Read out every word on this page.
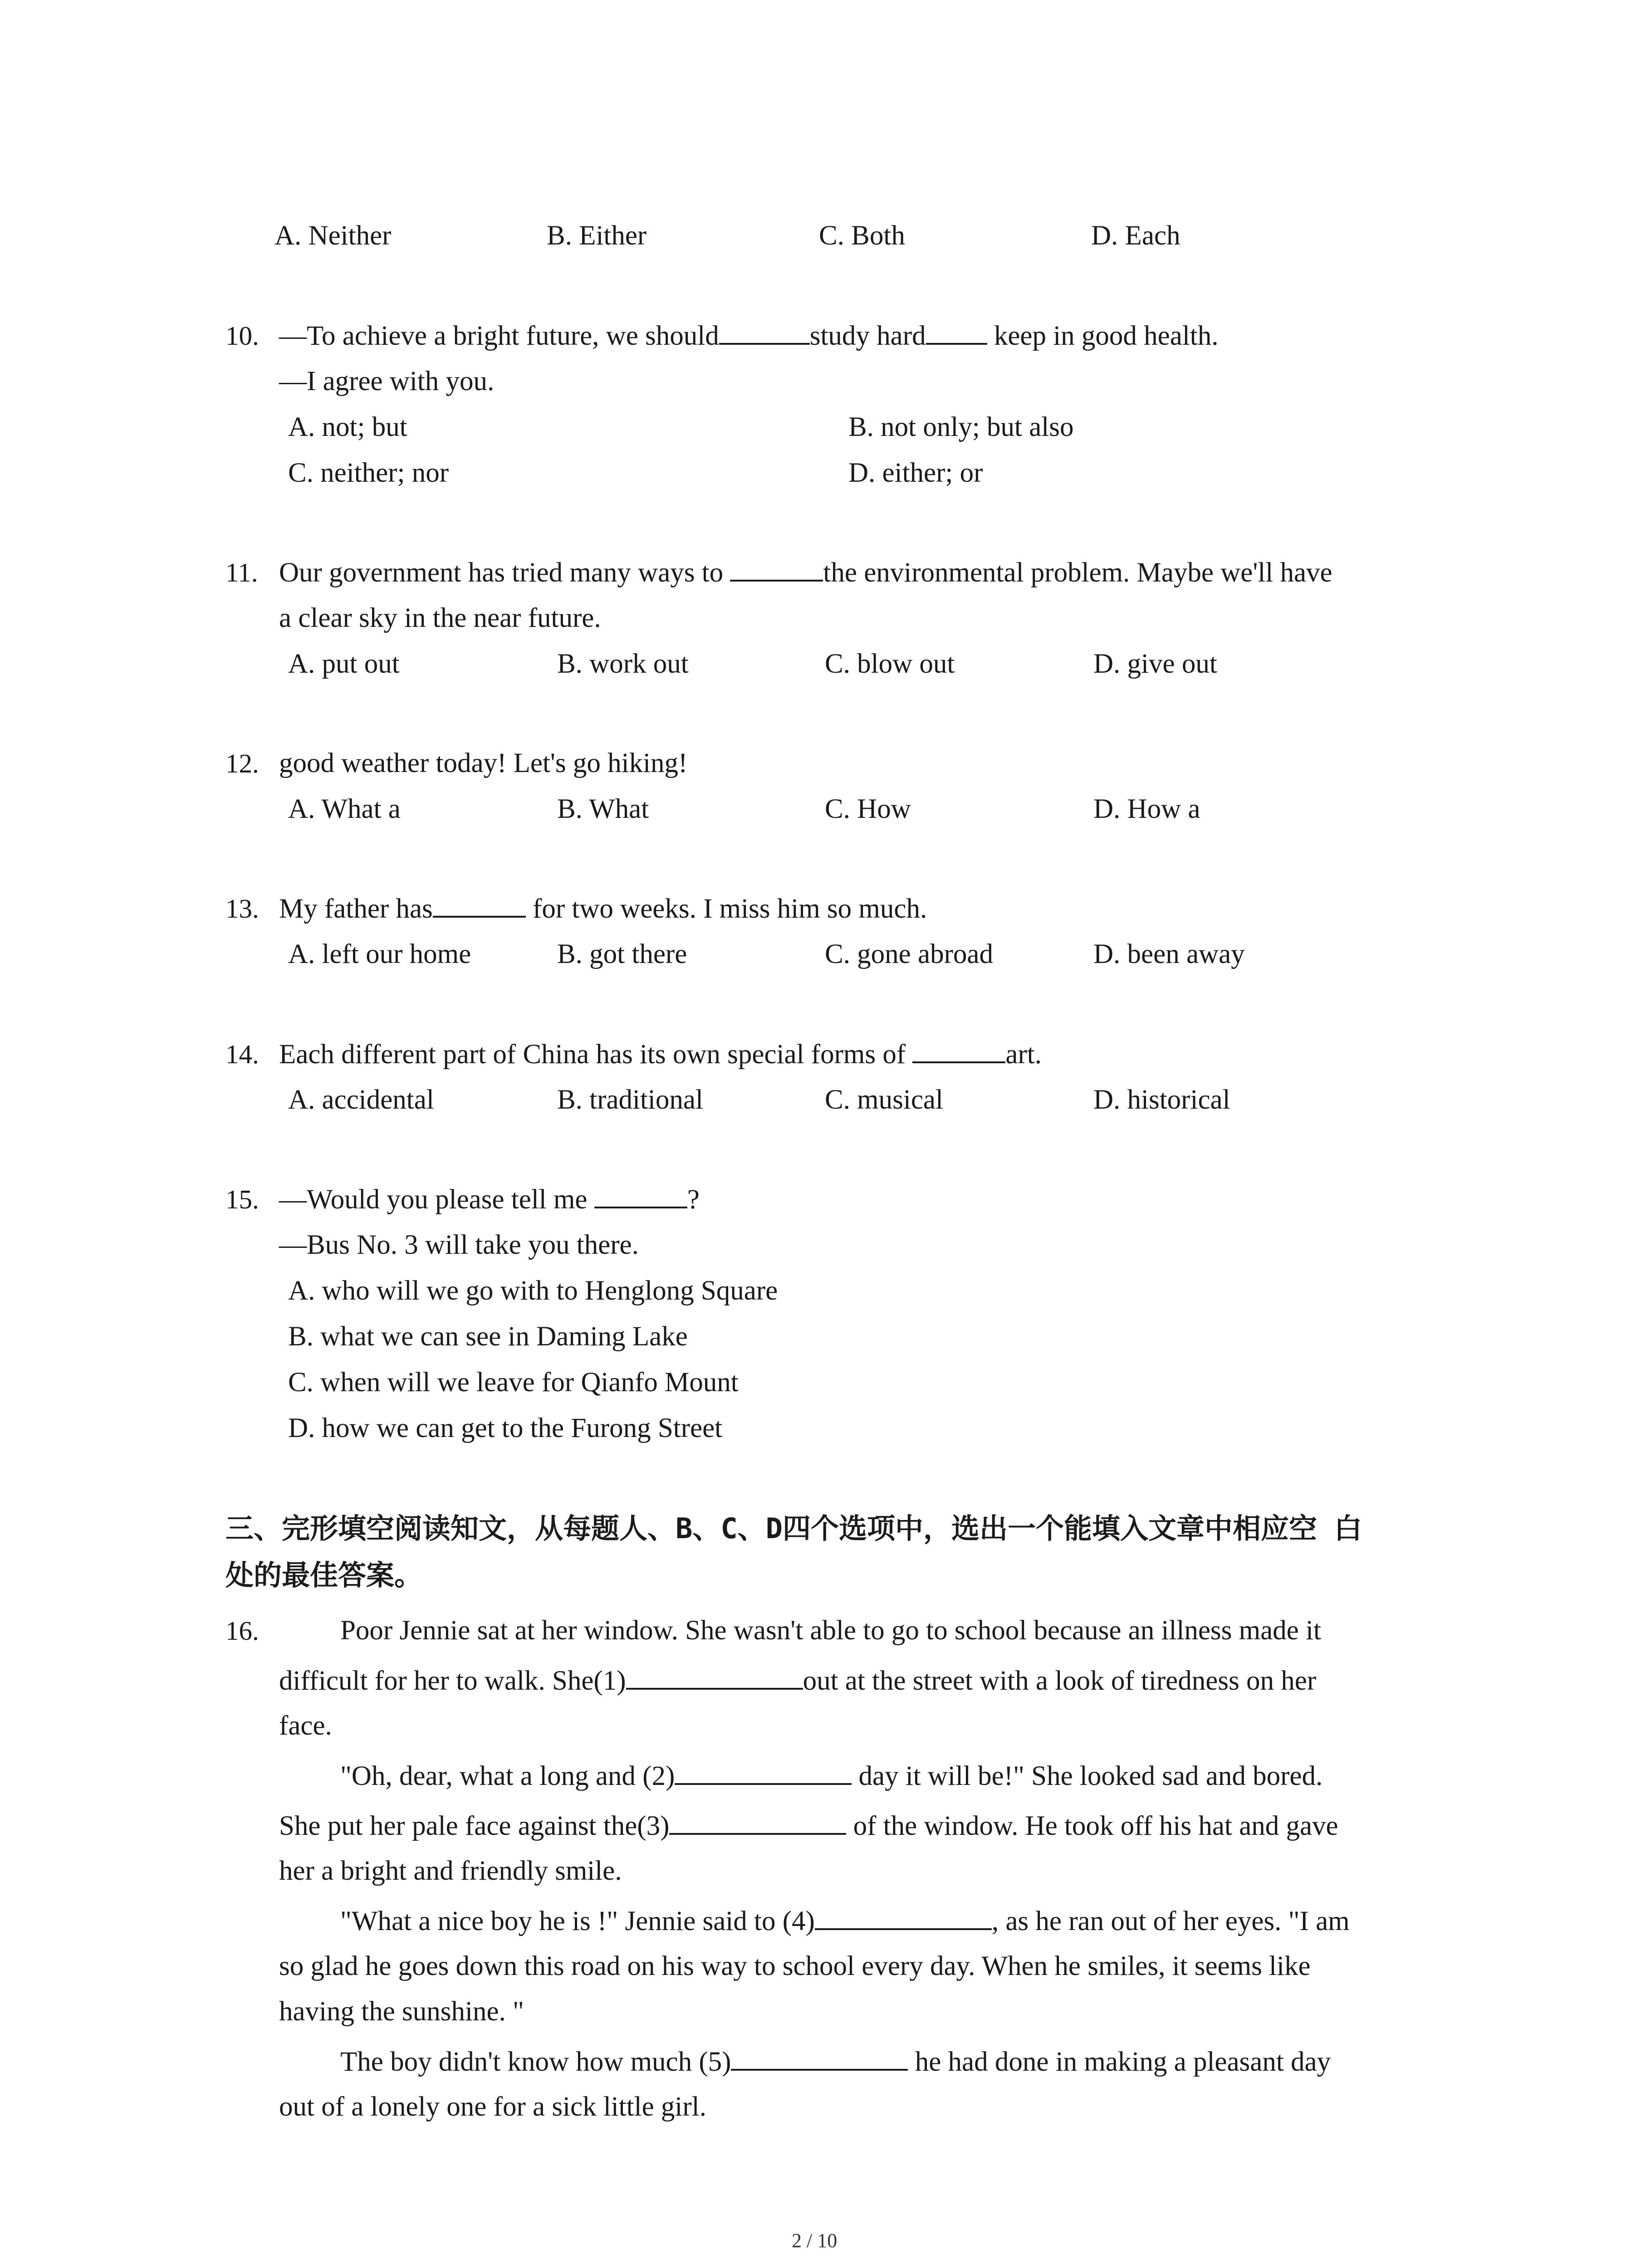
A. Neither	B. Either	C. Both	D. Each
10. —To achieve a bright future, we should	study hard keep in good health.
—I agree with you.
A. not; but	B. not only; but also
C. neither; nor	D. either; or
11. Our government has tried many ways to	the environmental problem. Maybe we'll have
a clear sky in the near future.
A. put out	B. work out	C. blow out	D. give out
12. good weather today! Let's go hiking!
A. What a	B. What	C. How	D. How a
13. My father has	for two weeks. I miss him so much.
A. left our home	B. got there	C. gone abroad	D. been away
14. Each different part of China has its own special forms of	art.
A. accidental	B. traditional	C. musical	D. historical
15. —Would you please tell me	?
—Bus No. 3 will take you there.
A. who will we go with to Henglong Square
B. what we can see in Daming Lake
C. when will we leave for Qianfo Mount
D. how we can get to the Furong Street
三、完形填空阅读知文，从每题人、B、C、D四个选项中，选出一个能填入文章中相应空 白
处的最佳答案。
16.	Poor Jennie sat at her window. She wasn't able to go to school because an illness made it
difficult for her to walk. She(1)	out at the street with a look of tiredness on her
face.
"Oh, dear, what a long and (2)	day it will be!" She looked sad and bored.
She put her pale face against the(3)	of the window. He took off his hat and gave
her a bright and friendly smile.
"What a nice boy he is !" Jennie said to (4)	, as he ran out of her eyes. "I am
so glad he goes down this road on his way to school every day. When he smiles, it seems like
having the sunshine. "
The boy didn't know how much (5)	he had done in making a pleasant day
out of a lonely one for a sick little girl.
2 / 10
